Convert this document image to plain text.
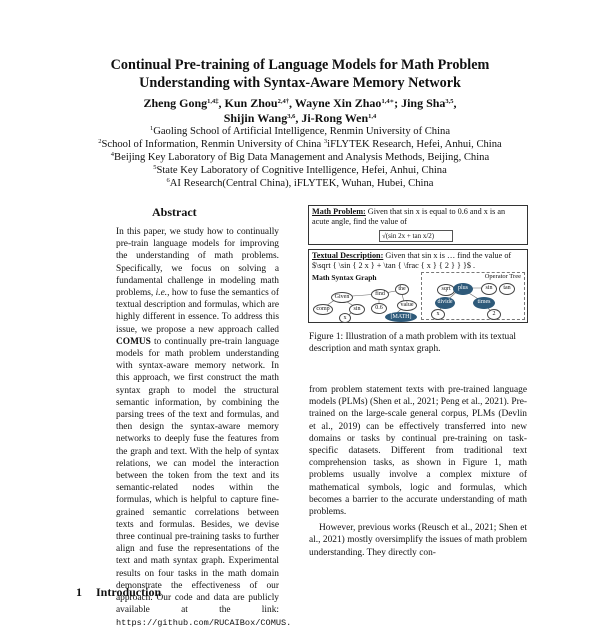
Continual Pre-training of Language Models for Math Problem
Understanding with Syntax-Aware Memory Network
Zheng Gong$^{1,4\ddagger}$, Kun Zhou$^{2,4\dagger}$, Wayne Xin Zhao$^{1,4∗}$; Jing Sha$^{3,5}$,
Shijin Wang$^{3,6}$, Ji-Rong Wen$^{1,4}$
$^1$Gaoling School of Artificial Intelligence, Renmin University of China
$^2$School of Information, Renmin University of China $^3$iFLYTEK Research, Hefei, Anhui, China
$^4$Beijing Key Laboratory of Big Data Management and Analysis Methods, Beijing, China
$^5$State Key Laboratory of Cognitive Intelligence, Hefei, Anhui, China
$^6$AI Research(Central China), iFLYTEK, Wuhan, Hubei, China
Abstract
In this paper, we study how to continually pre-train language models for improving the understanding of math problems. Specifically, we focus on solving a fundamental challenge in modeling math problems, i.e., how to fuse the semantics of textual description and formulas, which are highly different in essence. To address this issue, we propose a new approach called COMUS to continually pre-train language models for math problem understanding with syntax-aware memory network. In this approach, we first construct the math syntax graph to model the structural semantic information, by combining the parsing trees of the text and formulas, and then design the syntax-aware memory networks to deeply fuse the features from the graph and text. With the help of syntax relations, we can model the interaction between the token from the text and its semantic-related nodes within the formulas, which is helpful to capture fine-grained semantic correlations between texts and formulas. Besides, we devise three continual pre-training tasks to further align and fuse the representations of the text and math syntax graph. Experimental results on four tasks in the math domain demonstrate the effectiveness of our approach. Our code and data are publicly available at the link: https://github.com/RUCAIBox/COMUS.
1 Introduction
Math Problem: Given that sin x is equal to 0.6 and x is an acute angle, find the value of
√(sin 2x + tan x/2)
Textual Description: Given that sin x is … find the value of $\sqrt { \sin { 2 x } + \tan { \frac { x } { 2 } } }$ .
Math Syntax Graph	Operator Tree
Given
comp	sin
x
find
the
value
0.6
[MATH]
sqrt	plus
divide	times
x	2
sin	tan
Figure 1: Illustration of a math problem with its textual description and math syntax graph.

from problem statement texts with pre-trained language models (PLMs) (Shen et al., 2021; Peng et al., 2021). Pre-trained on the large-scale general corpus, PLMs (Devlin et al., 2019) can be effectively transferred into new domains or tasks by continual pre-training on task-specific datasets. Different from traditional text comprehension tasks, as shown in Figure 1, math problems usually involve a complex mixture of mathematical symbols, logic and formulas, which becomes a barrier to the accurate understanding of math problems.

However, previous works (Reusch et al., 2021; Shen et al., 2021) mostly oversimplify the issues of math problem understanding. They directly con-
